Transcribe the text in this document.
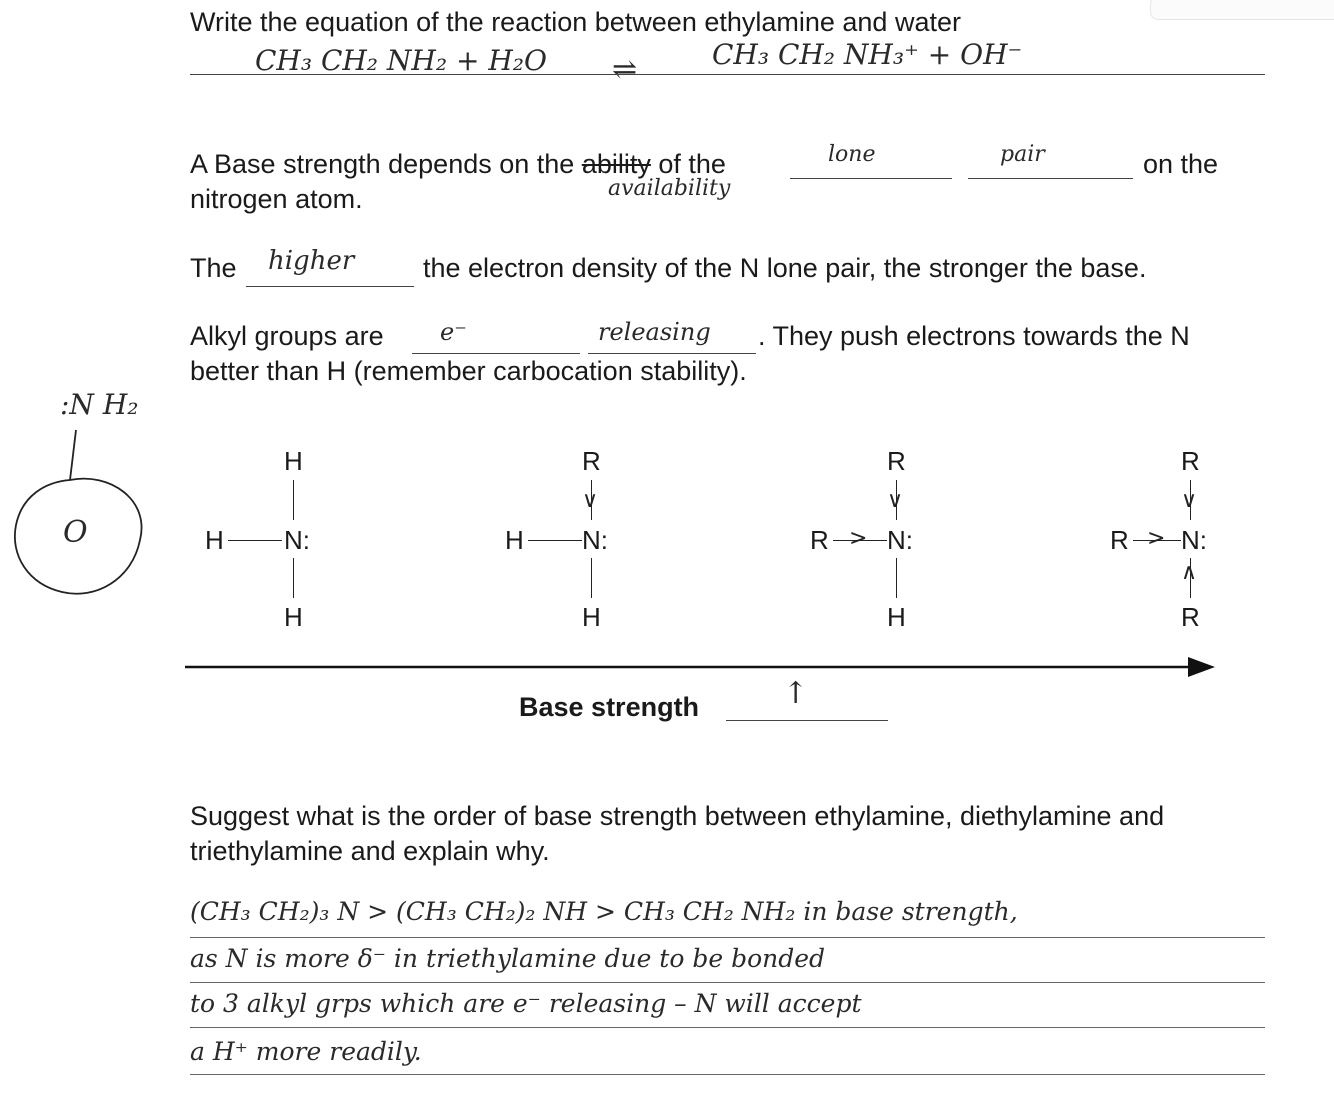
Write the equation of the reaction between ethylamine and water
CH₃ CH₂ NH₂ + H₂O ⇌	CH₃ CH₂ NH₃⁺ + OH⁻
A Base strength depends on the ability of the
availability
lone	pair	on the
nitrogen atom.
The higher	the electron density of the N lone pair, the stronger the base.
Alkyl groups are e⁻	releasing . They push electrons towards the N
better than H (remember carbocation stability).
:N H₂
O
H
H N:
H
R
∨
H N:
H
R
∨
R > N:
H
R
∨
R > N:
∧
R
Base strength	↑
Suggest what is the order of base strength between ethylamine, diethylamine and
triethylamine and explain why.
(CH₃ CH₂)₃ N > (CH₃ CH₂)₂ NH > CH₃ CH₂ NH₂ in base strength,
as N is more δ⁻ in triethylamine due to be bonded
to 3 alkyl grps which are e⁻ releasing – N will accept
a H⁺ more readily.
